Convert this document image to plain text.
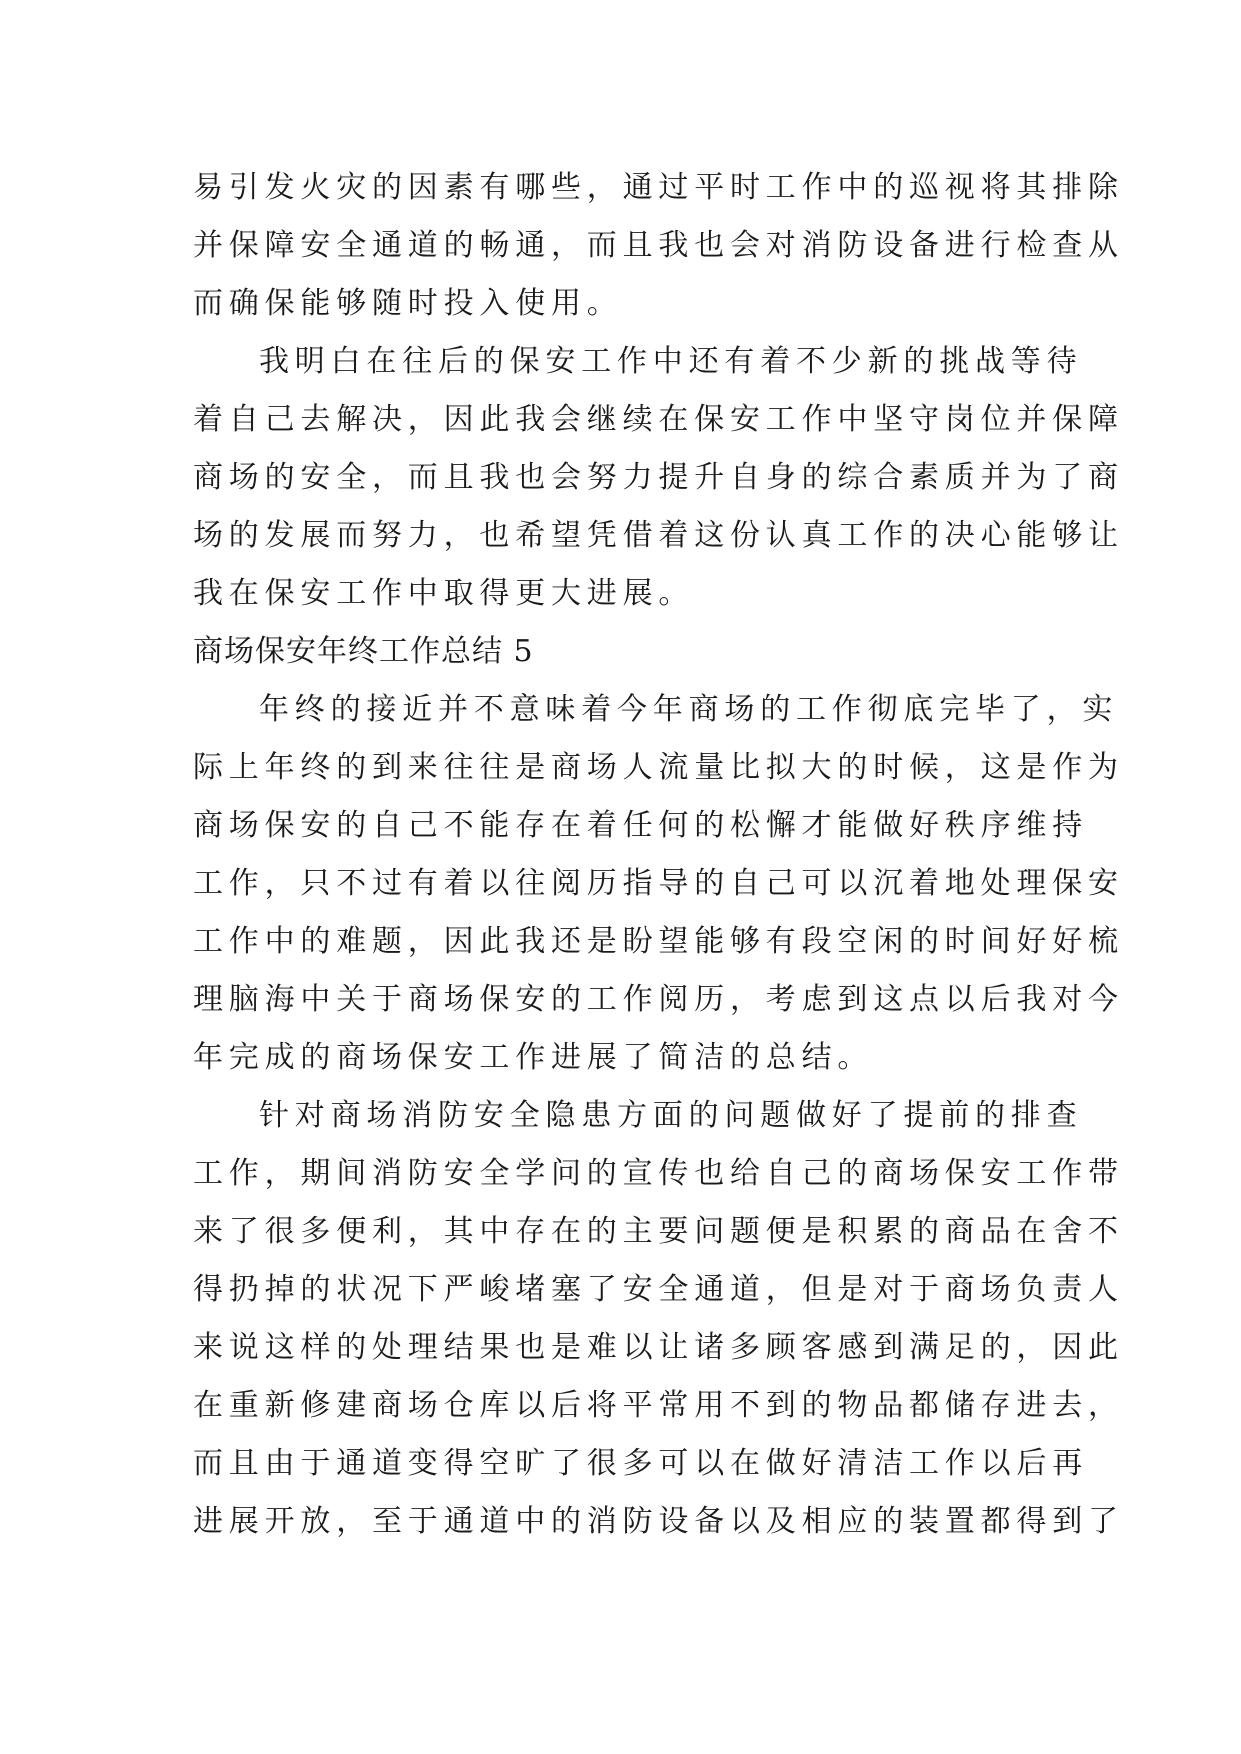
易引发火灾的因素有哪些，通过平时工作中的巡视将其排除
并保障安全通道的畅通，而且我也会对消防设备进行检查从
而确保能够随时投入使用。
我明白在往后的保安工作中还有着不少新的挑战等待
着自己去解决，因此我会继续在保安工作中坚守岗位并保障
商场的安全，而且我也会努力提升自身的综合素质并为了商
场的发展而努力，也希望凭借着这份认真工作的决心能够让
我在保安工作中取得更大进展。
商场保安年终工作总结 5
年终的接近并不意味着今年商场的工作彻底完毕了，实
际上年终的到来往往是商场人流量比拟大的时候，这是作为
商场保安的自己不能存在着任何的松懈才能做好秩序维持
工作，只不过有着以往阅历指导的自己可以沉着地处理保安
工作中的难题，因此我还是盼望能够有段空闲的时间好好梳
理脑海中关于商场保安的工作阅历，考虑到这点以后我对今
年完成的商场保安工作进展了简洁的总结。
针对商场消防安全隐患方面的问题做好了提前的排查
工作，期间消防安全学问的宣传也给自己的商场保安工作带
来了很多便利，其中存在的主要问题便是积累的商品在舍不
得扔掉的状况下严峻堵塞了安全通道，但是对于商场负责人
来说这样的处理结果也是难以让诸多顾客感到满足的，因此
在重新修建商场仓库以后将平常用不到的物品都储存进去，
而且由于通道变得空旷了很多可以在做好清洁工作以后再
进展开放，至于通道中的消防设备以及相应的装置都得到了
